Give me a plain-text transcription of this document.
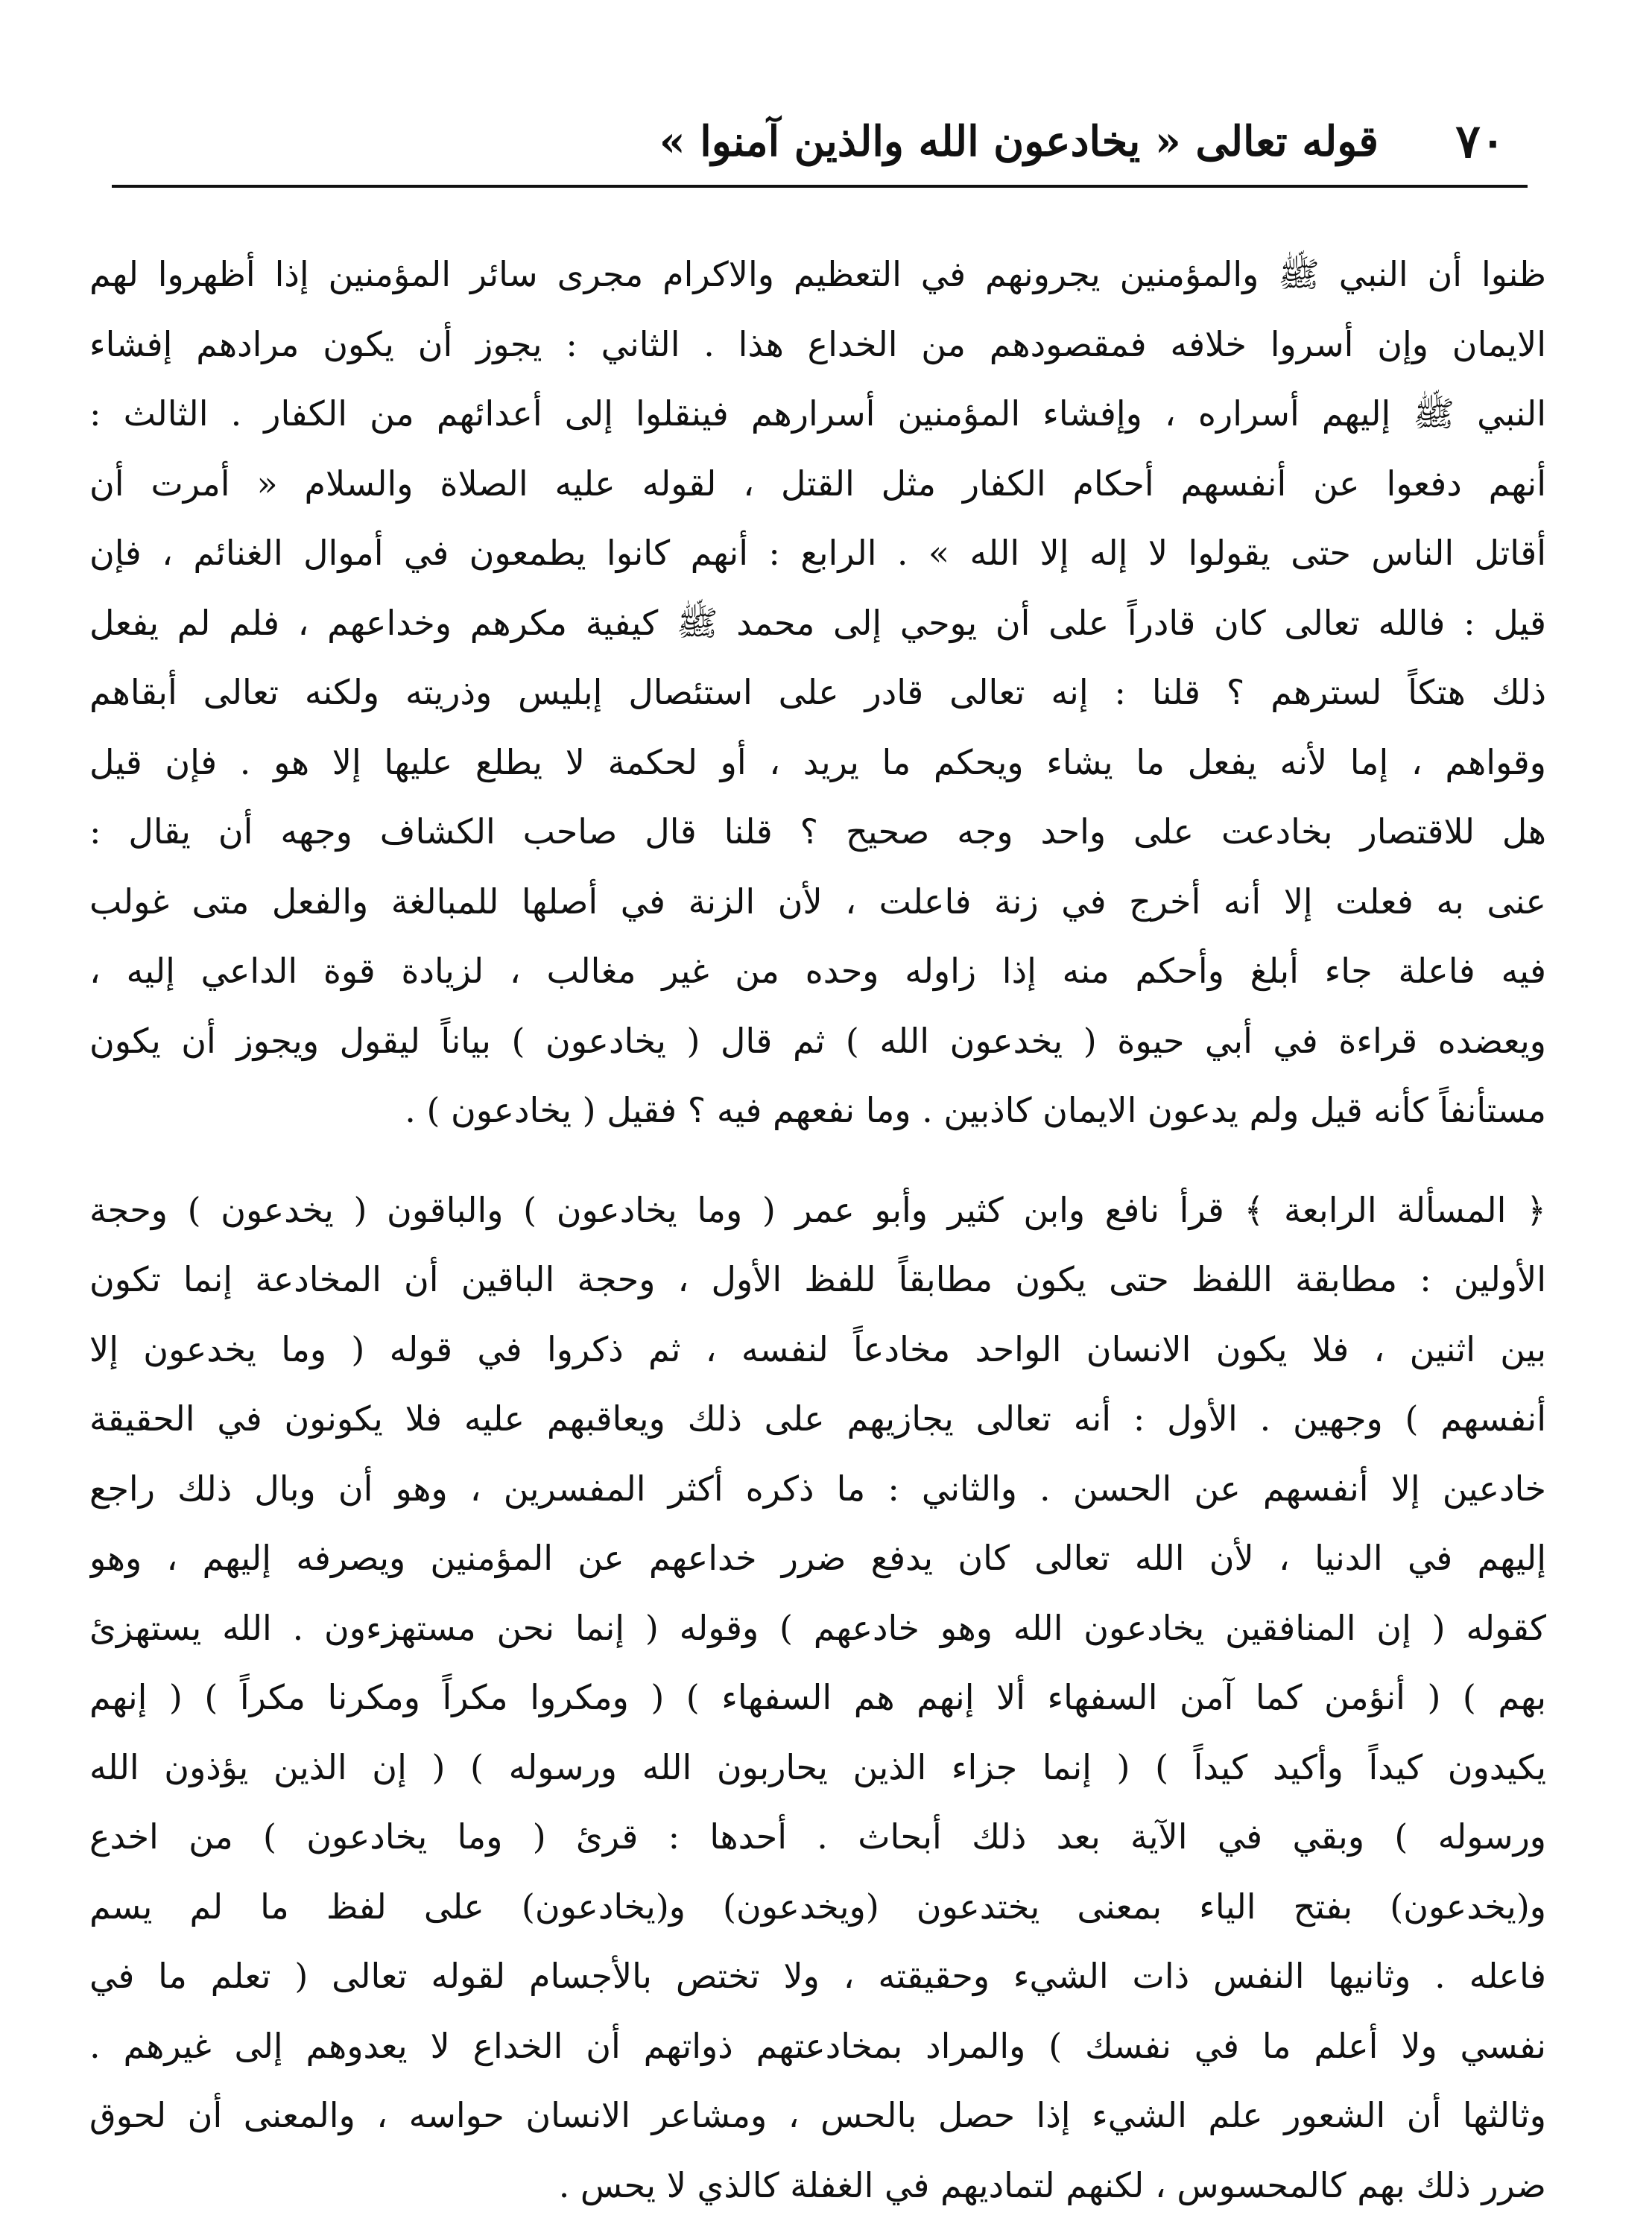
٧٠
قوله تعالى « يخادعون الله والذين آمنوا »
ظنوا أن النبي ﷺ والمؤمنين يجرونهم في التعظيم والاكرام مجرى سائر المؤمنين إذا أظهروا لهم
الايمان وإن أسروا خلافه فمقصودهم من الخداع هذا . الثاني : يجوز أن يكون مرادهم إفشاء
النبي ﷺ إليهم أسراره ، وإفشاء المؤمنين أسرارهم فينقلوا إلى أعدائهم من الكفار . الثالث :
أنهم دفعوا عن أنفسهم أحكام الكفار مثل القتل ، لقوله عليه الصلاة والسلام « أمرت أن
أقاتل الناس حتى يقولوا لا إله إلا الله » . الرابع : أنهم كانوا يطمعون في أموال الغنائم ، فإن
قيل : فالله تعالى كان قادراً على أن يوحي إلى محمد ﷺ كيفية مكرهم وخداعهم ، فلم لم يفعل
ذلك هتكاً لسترهم ؟ قلنا : إنه تعالى قادر على استئصال إبليس وذريته ولكنه تعالى أبقاهم
وقواهم ، إما لأنه يفعل ما يشاء ويحكم ما يريد ، أو لحكمة لا يطلع عليها إلا هو . فإن قيل
هل للاقتصار بخادعت على واحد وجه صحيح ؟ قلنا قال صاحب الكشاف وجهه أن يقال :
عنى به فعلت إلا أنه أخرج في زنة فاعلت ، لأن الزنة في أصلها للمبالغة والفعل متى غولب
فيه فاعلة جاء أبلغ وأحكم منه إذا زاوله وحده من غير مغالب ، لزيادة قوة الداعي إليه ،
ويعضده قراءة في أبي حيوة ( يخدعون الله ) ثم قال ( يخادعون ) بياناً ليقول ويجوز أن يكون
مستأنفاً كأنه قيل ولم يدعون الايمان كاذبين . وما نفعهم فيه ؟ فقيل ( يخادعون ) .
﴿ المسألة الرابعة ﴾ قرأ نافع وابن كثير وأبو عمر ( وما يخادعون ) والباقون ( يخدعون ) وحجة
الأولين : مطابقة اللفظ حتى يكون مطابقاً للفظ الأول ، وحجة الباقين أن المخادعة إنما تكون
بين اثنين ، فلا يكون الانسان الواحد مخادعاً لنفسه ، ثم ذكروا في قوله ( وما يخدعون إلا
أنفسهم ) وجهين . الأول : أنه تعالى يجازيهم على ذلك ويعاقبهم عليه فلا يكونون في الحقيقة
خادعين إلا أنفسهم عن الحسن . والثاني : ما ذكره أكثر المفسرين ، وهو أن وبال ذلك راجع
إليهم في الدنيا ، لأن الله تعالى كان يدفع ضرر خداعهم عن المؤمنين ويصرفه إليهم ، وهو
كقوله ( إن المنافقين يخادعون الله وهو خادعهم ) وقوله ( إنما نحن مستهزءون . الله يستهزئ
بهم ) ( أنؤمن كما آمن السفهاء ألا إنهم هم السفهاء ) ( ومكروا مكراً ومكرنا مكراً ) ( إنهم
يكيدون كيداً وأكيد كيداً ) ( إنما جزاء الذين يحاربون الله ورسوله ) ( إن الذين يؤذون الله
ورسوله ) وبقي في الآية بعد ذلك أبحاث . أحدها : قرئ ( وما يخادعون ) من اخدع
و(يخدعون) بفتح الياء بمعنى يختدعون (ويخدعون) و(يخادعون) على لفظ ما لم يسم
فاعله . وثانيها النفس ذات الشيء وحقيقته ، ولا تختص بالأجسام لقوله تعالى ( تعلم ما في
نفسي ولا أعلم ما في نفسك ) والمراد بمخادعتهم ذواتهم أن الخداع لا يعدوهم إلى غيرهم .
وثالثها أن الشعور علم الشيء إذا حصل بالحس ، ومشاعر الانسان حواسه ، والمعنى أن لحوق
ضرر ذلك بهم كالمحسوس ، لكنهم لتماديهم في الغفلة كالذي لا يحس .
